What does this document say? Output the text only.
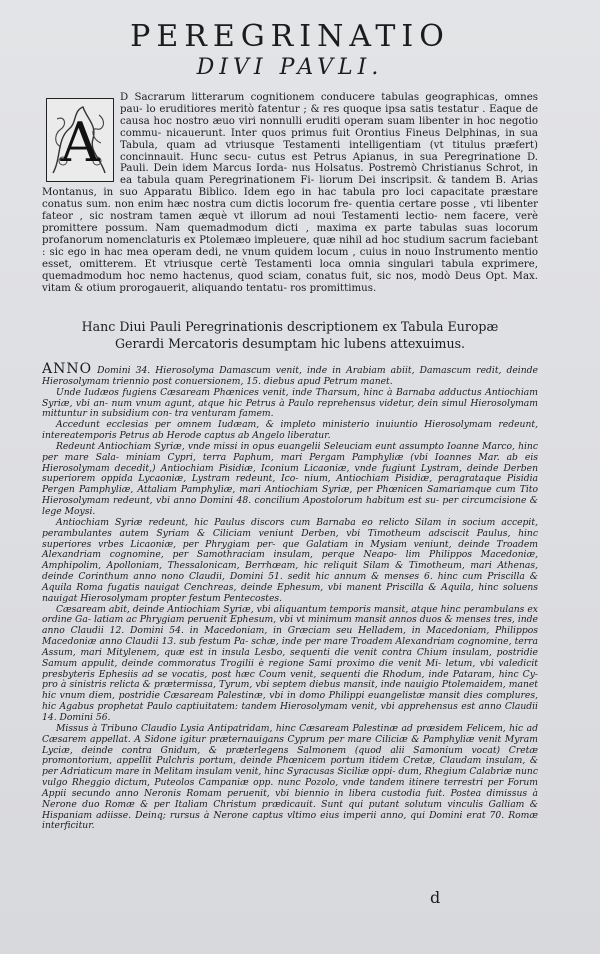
PEREGRINATIO
DIVI PAVLI.
A

D Sacrarum litterarum cognitionem conducere tabulas geographicas, omnes pau- lo eruditiores meritò fatentur ; & res quoque ipsa satis testatur . Eaque de causa hoc nostro æuo viri nonnulli eruditi operam suam libenter in hoc negotio commu- nicauerunt. Inter quos primus fuit Orontius Fineus Delphinas, in sua Tabula, quam ad vtriusque Testamenti intelligentiam (vt titulus præfert) concinnauit. Hunc secu- cutus est Petrus Apianus, in sua Peregrinatione D. Pauli. Dein idem Marcus Iorda- nus Holsatus. Postremò Christianus Schrot, in ea tabula quam Peregrinationem Fi- liorum Dei inscripsit. & tandem B. Arias Montanus, in suo Apparatu Biblico. Idem ego in hac tabula pro loci capacitate præstare conatus sum. non enim hæc nostra cum dictis locorum fre- quentia certare posse , vti libenter fateor , sic nostram tamen æquè vt illorum ad noui Testamenti lectio- nem facere, verè promittere possum. Nam quemadmodum dicti , maxima ex parte tabulas suas locorum profanorum nomenclaturis ex Ptolemæo impleuere, quæ nihil ad hoc studium sacrum faciebant : sic ego in hac mea operam dedi, ne vnum quidem locum , cuius in nouo Instrumento mentio esset, omitterem. Et vtriusque certè Testamenti loca omnia singulari tabula exprimere, quemadmodum hoc nemo hactenus, quod sciam, conatus fuit, sic nos, modò Deus Opt. Max. vitam & otium prorogauerit, aliquando tentatu- ros promittimus.

Hanc Diui Pauli Peregrinationis descriptionem ex Tabula Europæ
Gerardi Mercatoris desumptam hic lubens attexuimus.

ANNO Domini 34. Hierosolyma Damascum venit, inde in Arabiam abiit, Damascum redit, deinde Hierosolymam triennio post conuersionem, 15. diebus apud Petrum manet.

Unde Iudæos fugiens Cæsaream Phœnices venit, inde Tharsum, hinc à Barnaba adductus Antiochiam Syriæ, vbi an- num vnum agunt, atque hic Petrus à Paulo reprehensus videtur, dein simul Hierosolymam mittuntur in subsidium con- tra venturam famem.

Accedunt ecclesias per omnem Iudæam, & impleto ministerio inuiuntio Hierosolymam redeunt, intereatemporis Petrus ab Herode captus ab Angelo liberatur.

Redeunt Antiochiam Syriæ, vnde missi in opus euangelii Seleuciam eunt assumpto Ioanne Marco, hinc per mare Sala- miniam Cypri, terra Paphum, mari Pergam Pamphyliæ (vbi Ioannes Mar. ab eis Hierosolymam decedit,) Antiochiam Pisidiæ, Iconium Licaoniæ, vnde fugiunt Lystram, deinde Derben superiorem oppida Lycaoniæ, Lystram redeunt, Ico- nium, Antiochiam Pisidiæ, peragrataque Pisidia Pergen Pamphyliæ, Attaliam Pamphyliæ, mari Antiochiam Syriæ, per Phœnicen Samariamque cum Tito Hierosolymam redeunt, vbi anno Domini 48. concilium Apostolorum habitum est su- per circumcisione & lege Moysi.

Antiochiam Syriæ redeunt, hic Paulus discors cum Barnaba eo relicto Silam in socium accepit, perambulantes autem Syriam & Ciliciam veniunt Derben, vbi Timotheum adsciscit Paulus, hinc superiores vrbes Licaoniæ, per Phrygiam per- que Galatiam in Mysiam veniunt, deinde Troadem Alexandriam cognomine, per Samothraciam insulam, perque Neapo- lim Philippos Macedoniæ, Amphipolim, Apolloniam, Thessalonicam, Berrhœam, hic reliquit Silam & Timotheum, mari Athenas, deinde Corinthum anno nono Claudii, Domini 51. sedit hic annum & menses 6. hinc cum Priscilla & Aquila Roma fugatis nauigat Cenchreas, deinde Ephesum, vbi manent Priscilla & Aquila, hinc soluens nauigat Hierosolymam propter festum Pentecostes.

Cæsaream abit, deinde Antiochiam Syriæ, vbi aliquantum temporis mansit, atque hinc perambulans ex ordine Ga- latiam ac Phrygiam peruenit Ephesum, vbi vt minimum mansit annos duos & menses tres, inde anno Claudii 12. Domini 54. in Macedoniam, in Græciam seu Helladem, in Macedoniam, Philippos Macedoniæ anno Claudii 13. sub festum Pa- schæ, inde per mare Troadem Alexandriam cognomine, terra Assum, mari Mitylenem, quæ est in insula Lesbo, sequenti die venit contra Chium insulam, postridie Samum appulit, deinde commoratus Trogilii è regione Sami proximo die venit Mi- letum, vbi valedicit presbyteris Ephesiis ad se vocatis, post hæc Coum venit, sequenti die Rhodum, inde Pataram, hinc Cy- pro à sinistris relicta & prætermissa, Tyrum, vbi septem diebus mansit, inde nauigio Ptolemaidem, manet hic vnum diem, postridie Cæsaream Palestinæ, vbi in domo Philippi euangelistæ mansit dies complures, hic Agabus prophetat Paulo captiuitatem: tandem Hierosolymam venit, vbi apprehensus est anno Claudii 14. Domini 56.

Missus à Tribuno Claudio Lysia Antipatridam, hinc Cæsaream Palestinæ ad præsidem Felicem, hic ad Cæsarem appellat. A Sidone igitur præternauigans Cyprum per mare Ciliciæ & Pamphyliæ venit Myram Lyciæ, deinde contra Gnidum, & præterlegens Salmonem (quod alii Samonium vocat) Cretæ promontorium, appellit Pulchris portum, deinde Phœnicem portum itidem Cretæ, Claudam insulam, & per Adriaticum mare in Melitam insulam venit, hinc Syracusas Siciliæ oppi- dum, Rhegium Calabriæ nunc vulgo Rheggio dictum, Puteolos Campaniæ opp. nunc Pozolo, vnde tandem itinere terrestri per Forum Appii secundo anno Neronis Romam peruenit, vbi biennio in libera custodia fuit. Postea dimissus à Nerone duo Romæ & per Italiam Christum prædicauit. Sunt qui putant solutum vinculis Galliam & Hispaniam adiisse. Deinq; rursus à Nerone captus vltimo eius imperii anno, qui Domini erat 70. Romæ interficitur.

d
